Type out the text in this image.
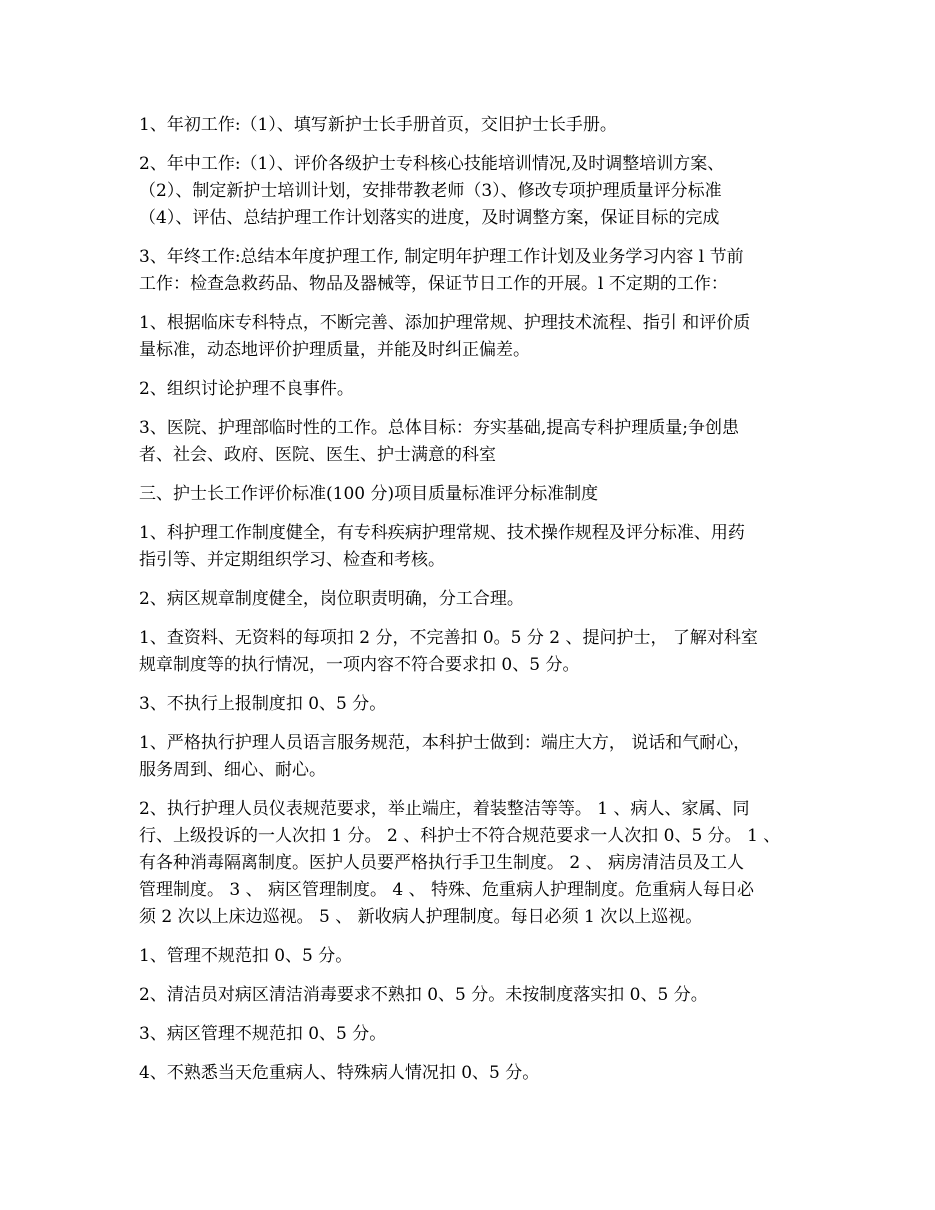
1、年初工作:（1）、填写新护士长手册首页，交旧护士长手册。

2、年中工作:（1）、评价各级护士专科核心技能培训情况,及时调整培训方案、
（2）、制定新护士培训计划，安排带教老师（3）、修改专项护理质量评分标准
（4）、评估、总结护理工作计划落实的进度，及时调整方案，保证目标的完成

3、年终工作:总结本年度护理工作, 制定明年护理工作计划及业务学习内容 l 节前
工作：检查急救药品、物品及器械等，保证节日工作的开展。l 不定期的工作：

1、根据临床专科特点，不断完善、添加护理常规、护理技术流程、指引 和评价质
量标准，动态地评价护理质量，并能及时纠正偏差。

2、组织讨论护理不良事件。

3、医院、护理部临时性的工作。总体目标：夯实基础,提高专科护理质量;争创患
者、社会、政府、医院、医生、护士满意的科室

三、护士长工作评价标准(100 分)项目质量标准评分标准制度

1、科护理工作制度健全，有专科疾病护理常规、技术操作规程及评分标准、用药
指引等、并定期组织学习、检查和考核。

2、病区规章制度健全，岗位职责明确，分工合理。

1、查资料、无资料的每项扣 2 分，不完善扣 0。5 分 2 、提问护士， 了解对科室
规章制度等的执行情况，一项内容不符合要求扣 0、5 分。

3、不执行上报制度扣 0、5 分。

1、严格执行护理人员语言服务规范，本科护士做到：端庄大方， 说话和气耐心，
服务周到、细心、耐心。

2、执行护理人员仪表规范要求，举止端庄，着装整洁等等。 1 、病人、家属、同
行、上级投诉的一人次扣 1 分。 2 、科护士不符合规范要求一人次扣 0、5 分。 1 、
有各种消毒隔离制度。医护人员要严格执行手卫生制度。 2 、 病房清洁员及工人
管理制度。 3 、 病区管理制度。 4 、 特殊、危重病人护理制度。危重病人每日必
须 2 次以上床边巡视。 5 、 新收病人护理制度。每日必须 1 次以上巡视。

1、管理不规范扣 0、5 分。

2、清洁员对病区清洁消毒要求不熟扣 0、5 分。未按制度落实扣 0、5 分。

3、病区管理不规范扣 0、5 分。

4、不熟悉当天危重病人、特殊病人情况扣 0、5 分。
